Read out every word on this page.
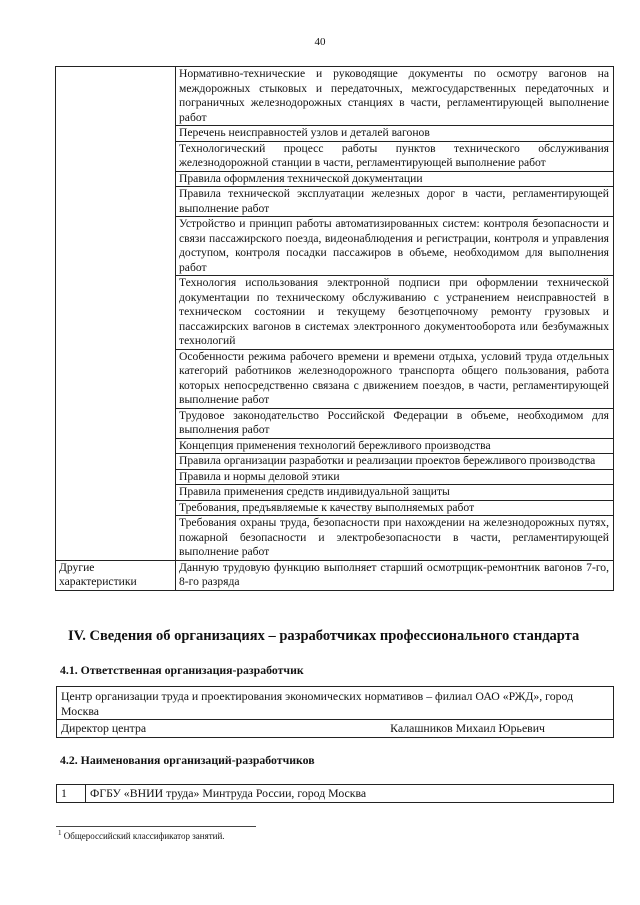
40
	Нормативно-технические и руководящие документы по осмотру вагонов на междорожных стыковых и передаточных, межгосударственных передаточных и пограничных железнодорожных станциях в части, регламентирующей выполнение работ
	Перечень неисправностей узлов и деталей вагонов
	Технологический процесс работы пунктов технического обслуживания железнодорожной станции в части, регламентирующей выполнение работ
	Правила оформления технической документации
	Правила технической эксплуатации железных дорог в части, регламентирующей выполнение работ
	Устройство и принцип работы автоматизированных систем: контроля безопасности и связи пассажирского поезда, видеонаблюдения и регистрации, контроля и управления доступом, контроля посадки пассажиров в объеме, необходимом для выполнения работ
	Технология использования электронной подписи при оформлении технической документации по техническому обслуживанию с устранением неисправностей в техническом состоянии и текущему безотцепочному ремонту грузовых и пассажирских вагонов в системах электронного документооборота или безбумажных технологий
	Особенности режима рабочего времени и времени отдыха, условий труда отдельных категорий работников железнодорожного транспорта общего пользования, работа которых непосредственно связана с движением поездов, в части, регламентирующей выполнение работ
	Трудовое законодательство Российской Федерации в объеме, необходимом для выполнения работ
	Концепция применения технологий бережливого производства
	Правила организации разработки и реализации проектов бережливого производства
	Правила и нормы деловой этики
	Правила применения средств индивидуальной защиты
	Требования, предъявляемые к качеству выполняемых работ
	Требования охраны труда, безопасности при нахождении на железнодорожных путях, пожарной безопасности и электробезопасности в части, регламентирующей выполнение работ
Другие характеристики	Данную трудовую функцию выполняет старший осмотрщик-ремонтник вагонов 7-го, 8-го разряда
IV. Сведения об организациях – разработчиках профессионального стандарта
4.1. Ответственная организация-разработчик
Центр организации труда и проектирования экономических нормативов – филиал ОАО «РЖД», город Москва

Директор центра	Калашников Михаил Юрьевич
4.2. Наименования организаций-разработчиков
1	ФГБУ «ВНИИ труда» Минтруда России, город Москва
$^1$ Общероссийский классификатор занятий.
